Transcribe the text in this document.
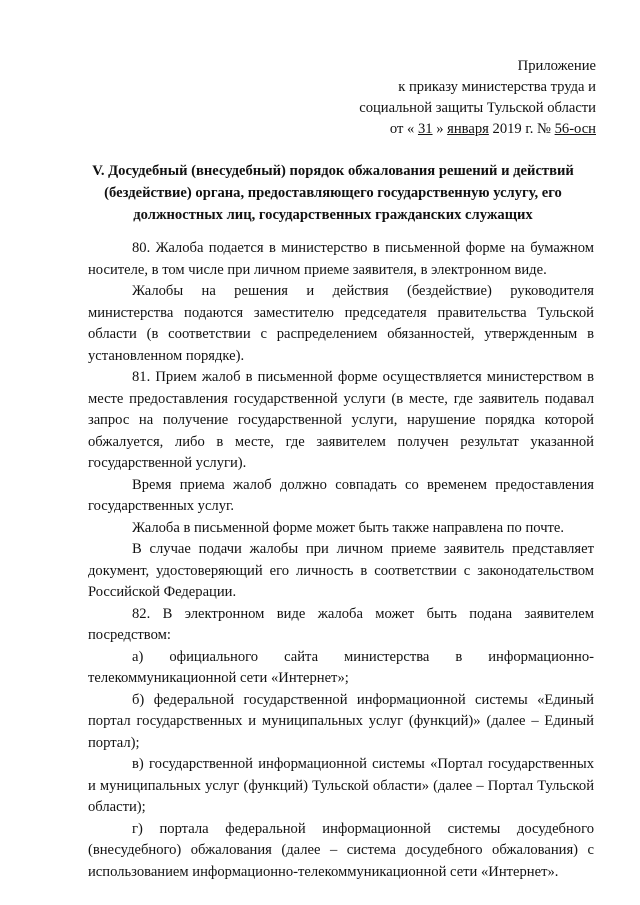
Приложение
к приказу министерства труда и
социальной защиты Тульской области
от « 31 » января 2019 г. № 56-осн
V. Досудебный (внесудебный) порядок обжалования решений и действий (бездействие) органа, предоставляющего государственную услугу, его должностных лиц, государственных гражданских служащих

80. Жалоба подается в министерство в письменной форме на бумажном носителе, в том числе при личном приеме заявителя, в электронном виде.

Жалобы на решения и действия (бездействие) руководителя министерства подаются заместителю председателя правительства Тульской области (в соответствии с распределением обязанностей, утвержденным в установленном порядке).

81. Прием жалоб в письменной форме осуществляется министерством в месте предоставления государственной услуги (в месте, где заявитель подавал запрос на получение государственной услуги, нарушение порядка которой обжалуется, либо в месте, где заявителем получен результат указанной государственной услуги).

Время приема жалоб должно совпадать со временем предоставления государственных услуг.

Жалоба в письменной форме может быть также направлена по почте.

В случае подачи жалобы при личном приеме заявитель представляет документ, удостоверяющий его личность в соответствии с законодательством Российской Федерации.

82. В электронном виде жалоба может быть подана заявителем посредством:

а) официального сайта министерства в информационно-телекоммуникационной сети «Интернет»;

б) федеральной государственной информационной системы «Единый портал государственных и муниципальных услуг (функций)» (далее – Единый портал);

в) государственной информационной системы «Портал государственных и муниципальных услуг (функций) Тульской области» (далее – Портал Тульской области);

г) портала федеральной информационной системы досудебного (внесудебного) обжалования (далее – система досудебного обжалования) с использованием информационно-телекоммуникационной сети «Интернет».
